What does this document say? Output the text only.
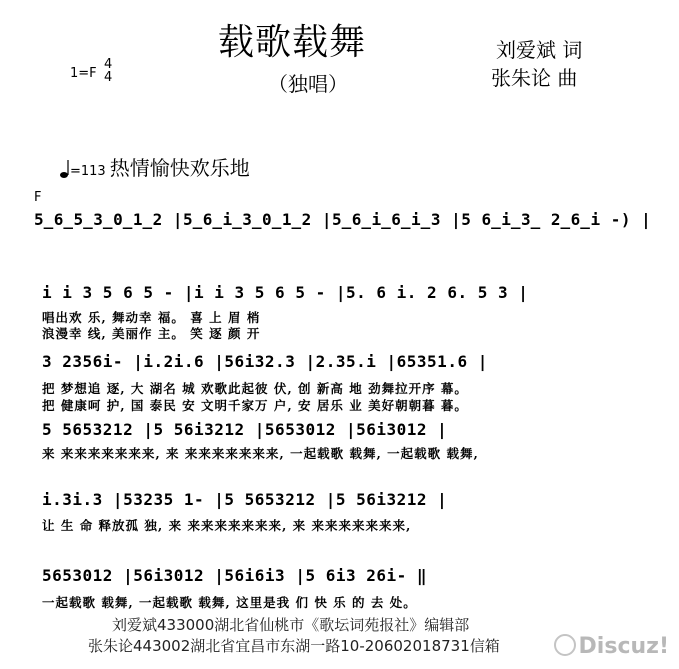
载歌载舞
（独唱）
刘爱斌 词
张朱论 曲
1=F
4
4
=113 热情愉快欢乐地
F
5̲6̲5̲3̲0̲1̲2 |5̲6̲i̲3̲0̲1̲2 |5̲6̲i̲6̲i̲3 |5 6̲i̲3̲ 2̲6̲i -) |
i i 3 5 6 5 - |i i 3 5 6 5 - |5. 6 i. 2 6. 5 3 |
唱出欢 乐, 舞动幸 福。 喜 上 眉 梢
浪漫幸 线, 美丽作 主。 笑 逐 颜 开
3 2356i- |i.2i.6 |56i32.3 |2.35.i |65351.6 |
把 梦想追 逐, 大 湖名 城 欢歌此起彼 伏, 创 新高 地 劲舞拉开序 幕。
把 健康呵 护, 国 泰民 安 文明千家万 户, 安 居乐 业 美好朝朝暮 暮。
5 5653212 |5 56i3212 |5653012 |56i3012 |
来 来来来来来来来, 来 来来来来来来来, 一起载歌 载舞, 一起载歌 载舞,
i.3i.3 |53235 1- |5 5653212 |5 56i3212 |
让 生 命 释放孤 独, 来 来来来来来来来, 来 来来来来来来来,
5653012 |56i3012 |56i6i3 |5 6i3 26i- ‖
一起载歌 载舞, 一起载歌 载舞, 这里是我 们 快 乐 的 去 处。
刘爱斌433000湖北省仙桃市《歌坛词苑报社》编辑部
张朱论443002湖北省宜昌市东湖一路10-20602018731信箱	Discuz!
